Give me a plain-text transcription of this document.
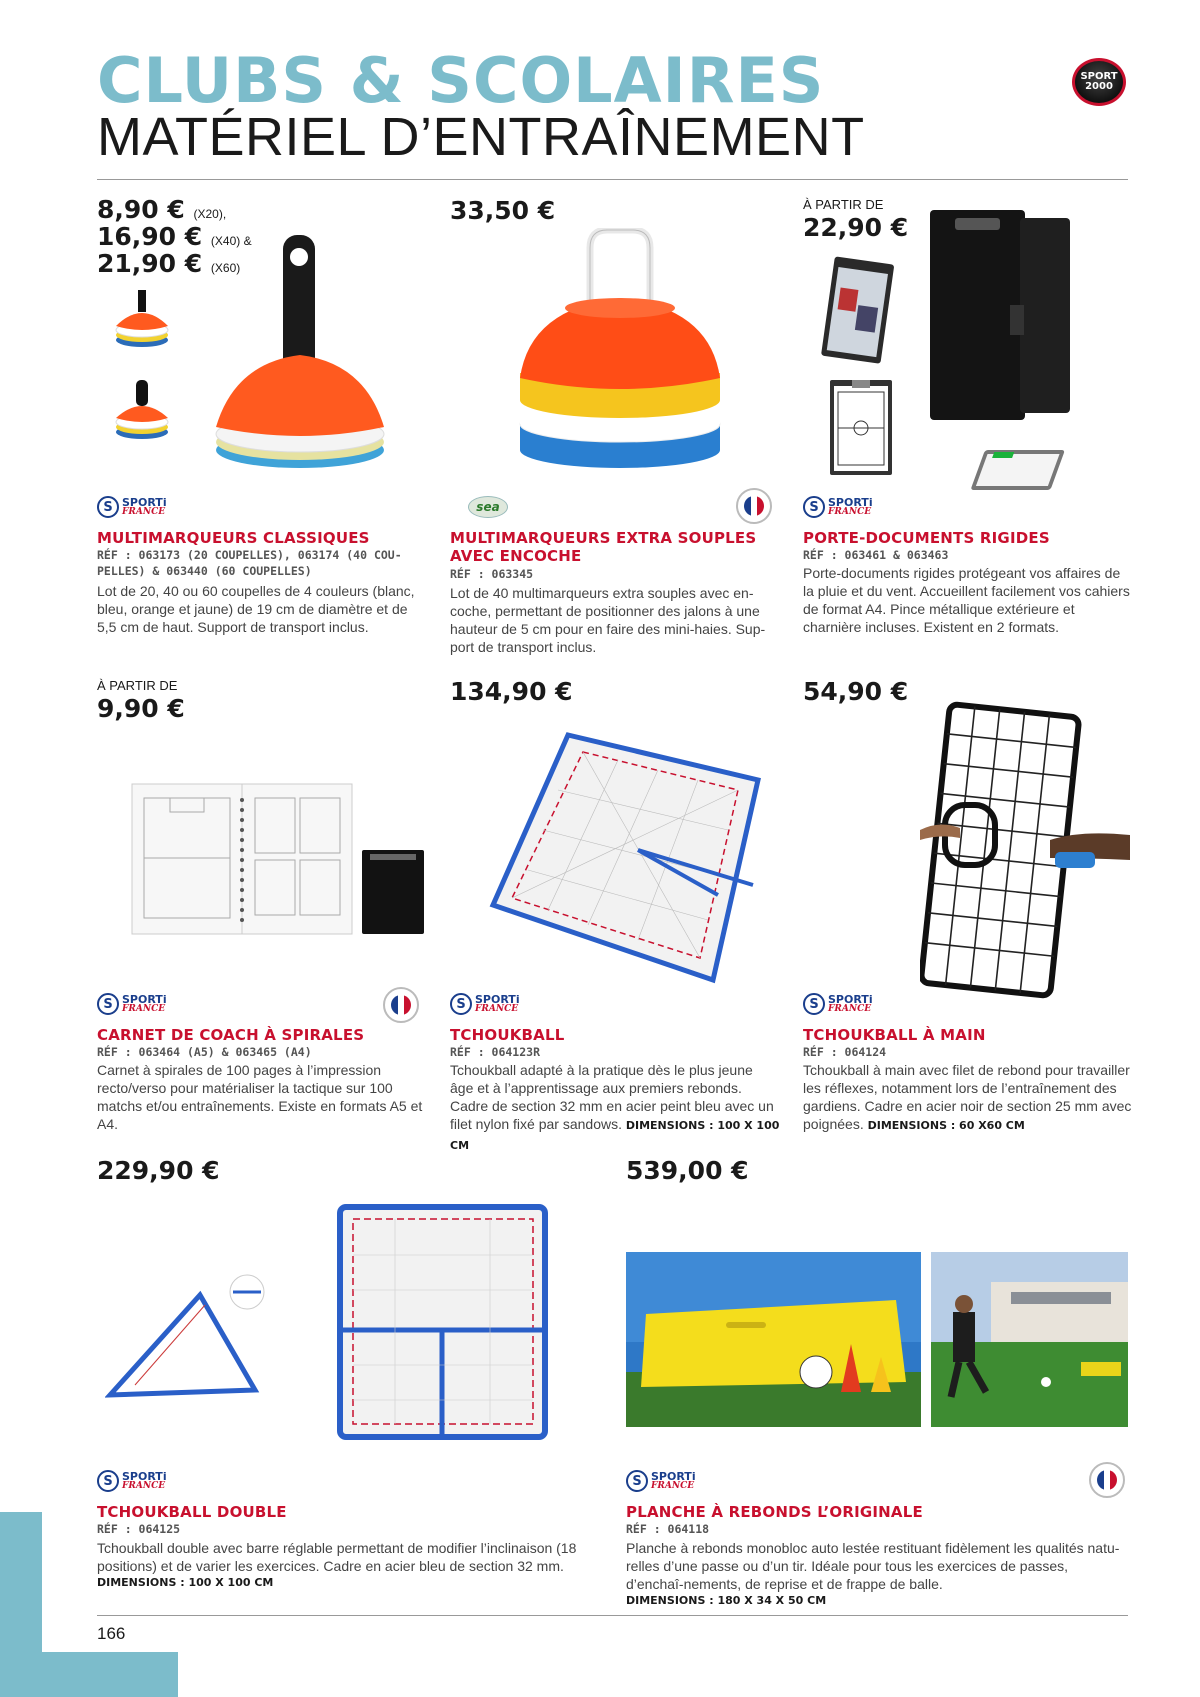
CLUBS & SCOLAIRES
MATÉRIEL D’ENTRAÎNEMENT
SPORT
2000
8,90 € (X20),
16,90 € (X40) &
21,90 € (X60)
S SPORTi
FRANCE
MULTIMARQUEURS CLASSIQUES
RÉF : 063173 (20 COUPELLES), 063174 (40 COU-PELLES) & 063440 (60 COUPELLES)
Lot de 20, 40 ou 60 coupelles de 4 couleurs (blanc, bleu, orange et jaune) de 19 cm de diamètre et de 5,5 cm de haut. Support de transport inclus.
33,50 €
sea
MULTIMARQUEURS EXTRA SOUPLES AVEC ENCOCHE
RÉF : 063345
Lot de 40 multimarqueurs extra souples avec en-coche, permettant de positionner des jalons à une hauteur de 5 cm pour en faire des mini-haies. Sup-port de transport inclus.
À PARTIR DE
22,90 €
S SPORTi
FRANCE
PORTE-DOCUMENTS RIGIDES
RÉF : 063461 & 063463
Porte-documents rigides protégeant vos affaires de la pluie et du vent. Accueillent facilement vos cahiers de format A4. Pince métallique extérieure et charnière incluses. Existent en 2 formats.
À PARTIR DE
9,90 €
S SPORTi
FRANCE
CARNET DE COACH À SPIRALES
RÉF : 063464 (A5) & 063465 (A4)
Carnet à spirales de 100 pages à l’impression recto/verso pour matérialiser la tactique sur 100 matchs et/ou entraînements. Existe en formats A5 et A4.
134,90 €
S SPORTi
FRANCE
TCHOUKBALL
RÉF : 064123R
Tchoukball adapté à la pratique dès le plus jeune âge et à l’apprentissage aux premiers rebonds. Cadre de section 32 mm en acier peint bleu avec un filet nylon fixé par sandows. DIMENSIONS : 100 X 100 CM
54,90 €
S SPORTi
FRANCE
TCHOUKBALL À MAIN
RÉF : 064124
Tchoukball à main avec filet de rebond pour travailler les réflexes, notamment lors de l’entraînement des gardiens. Cadre en acier noir de section 25 mm avec poignées. DIMENSIONS : 60 X60 CM
229,90 €
S SPORTi
FRANCE
TCHOUKBALL DOUBLE
RÉF : 064125
Tchoukball double avec barre réglable permettant de modifier l’inclinaison (18 positions) et de varier les exercices. Cadre en acier bleu de section 32 mm.
DIMENSIONS : 100 X 100 CM
539,00 €
S SPORTi
FRANCE
PLANCHE À REBONDS L’ORIGINALE
RÉF : 064118
Planche à rebonds monobloc auto lestée restituant fidèlement les qualités natu-relles d’une passe ou d’un tir. Idéale pour tous les exercices de passes, d’enchaî-nements, de reprise et de frappe de balle.
DIMENSIONS : 180 X 34 X 50 CM
166
